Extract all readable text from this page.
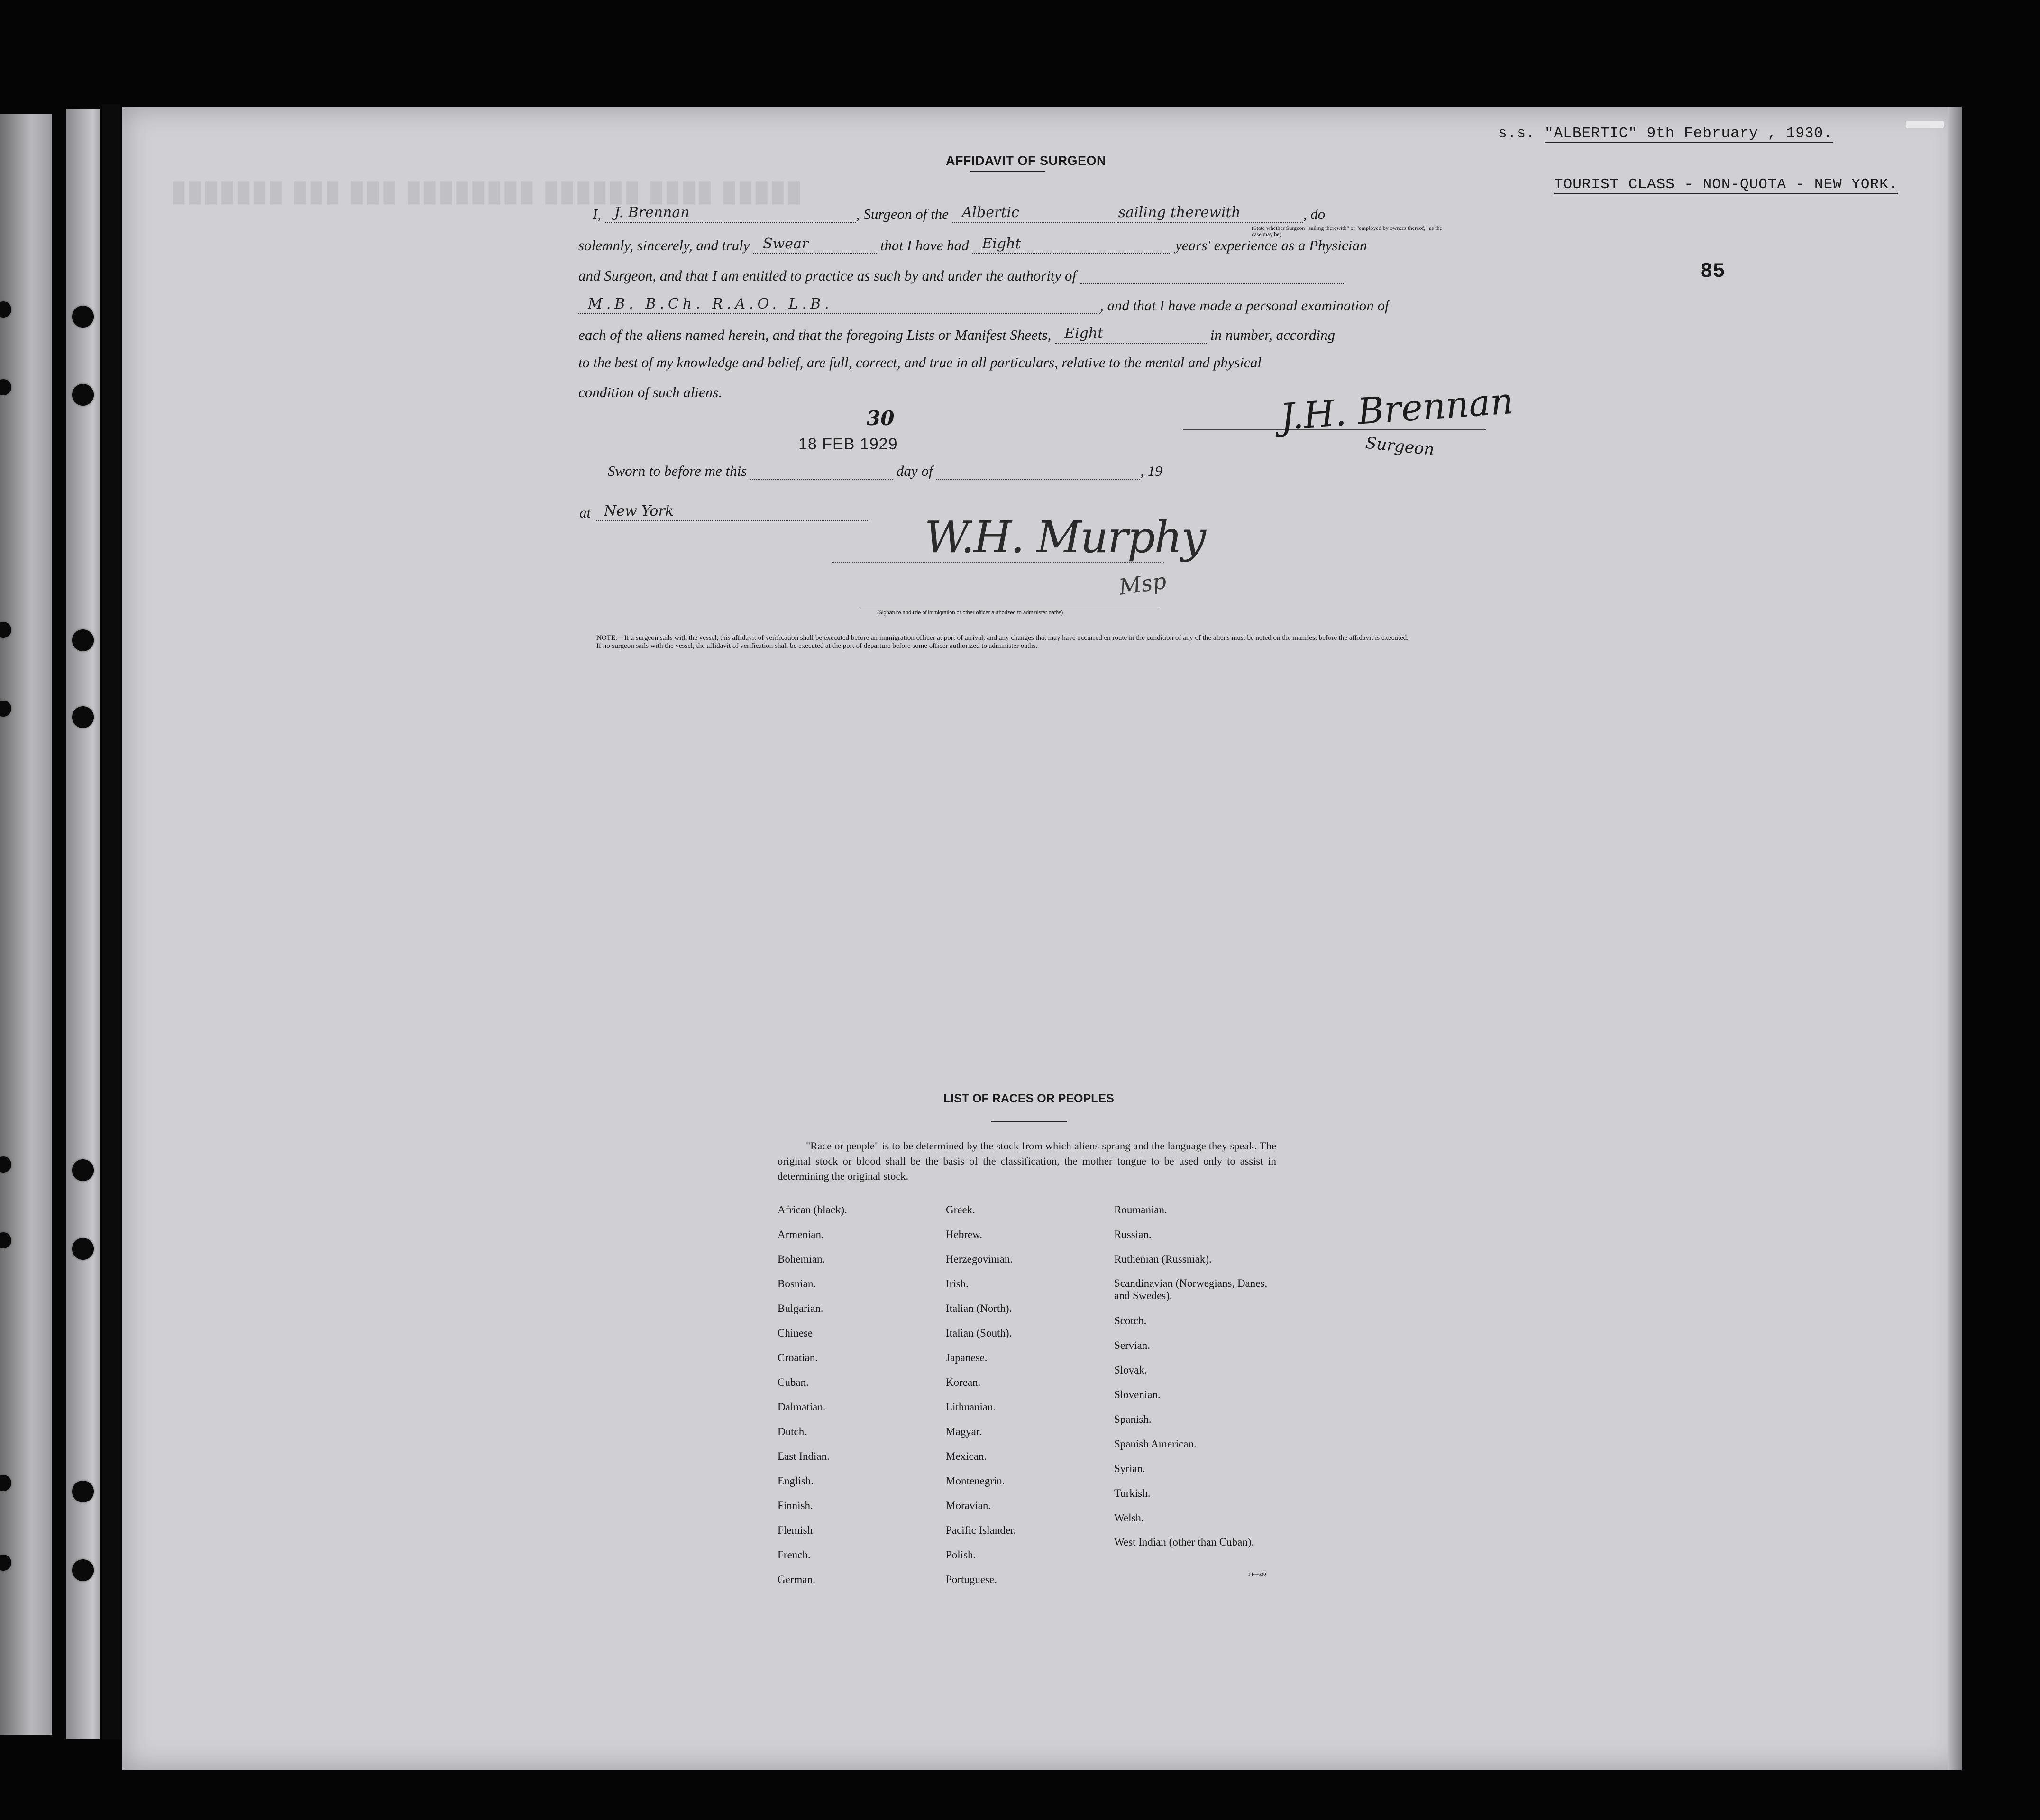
▮▮▮▮▮ ▮▮▮▮ ▮▮▮▮▮▮ ▮▮▮▮▮▮▮▮ ▮▮▮ ▮▮▮ ▮▮▮▮▮▮▮
s.s. "ALBERTIC" 9th February , 1930.
TOURIST CLASS - NON-QUOTA - NEW YORK.
85
AFFIDAVIT OF SURGEON
I, J. Brennan	, Surgeon of the Albertic	sailing therewith	, do
solemnly, sincerely, and truly Swear	that I have had Eight	years' experience as a Physician
and Surgeon, and that I am entitled to practice as such by and under the authority of
M.B. B.Ch. R.A.O. L.B.	, and that I have made a personal examination of
each of the aliens named herein, and that the foregoing Lists or Manifest Sheets, Eight	in number, according
to the best of my knowledge and belief, are full, correct, and true in all particulars, relative to the mental and physical
condition of such aliens.
(State whether Surgeon "sailing therewith" or "employed by owners thereof," as the case may be)
J.H. Brennan
Surgeon
Sworn to before me this	day of	, 19
18 FEB 1929
30
at New York
W.H. Murphy
Msp
(Signature and title of immigration or other officer authorized to administer oaths)

NOTE.—If a surgeon sails with the vessel, this affidavit of verification shall be executed before an immigration officer at port of arrival, and any changes that may have occurred en route in the condition of any of the aliens must be noted on the manifest before the affidavit is executed.

If no surgeon sails with the vessel, the affidavit of verification shall be executed at the port of departure before some officer authorized to administer oaths.

LIST OF RACES OR PEOPLES
"Race or people" is to be determined by the stock from which aliens sprang and the language they speak. The original stock or blood shall be the basis of the classification, the mother tongue to be used only to assist in determining the original stock.
African (black).
Armenian.
Bohemian.
Bosnian.
Bulgarian.
Chinese.
Croatian.
Cuban.
Dalmatian.
Dutch.
East Indian.
English.
Finnish.
Flemish.
French.
German.
Greek.
Hebrew.
Herzegovinian.
Irish.
Italian (North).
Italian (South).
Japanese.
Korean.
Lithuanian.
Magyar.
Mexican.
Montenegrin.
Moravian.
Pacific Islander.
Polish.
Portuguese.
Roumanian.
Russian.
Ruthenian (Russniak).
Scandinavian (Norwegians, Danes, and Swedes).
Scotch.
Servian.
Slovak.
Slovenian.
Spanish.
Spanish American.
Syrian.
Turkish.
Welsh.
West Indian (other than Cuban).
14—630
